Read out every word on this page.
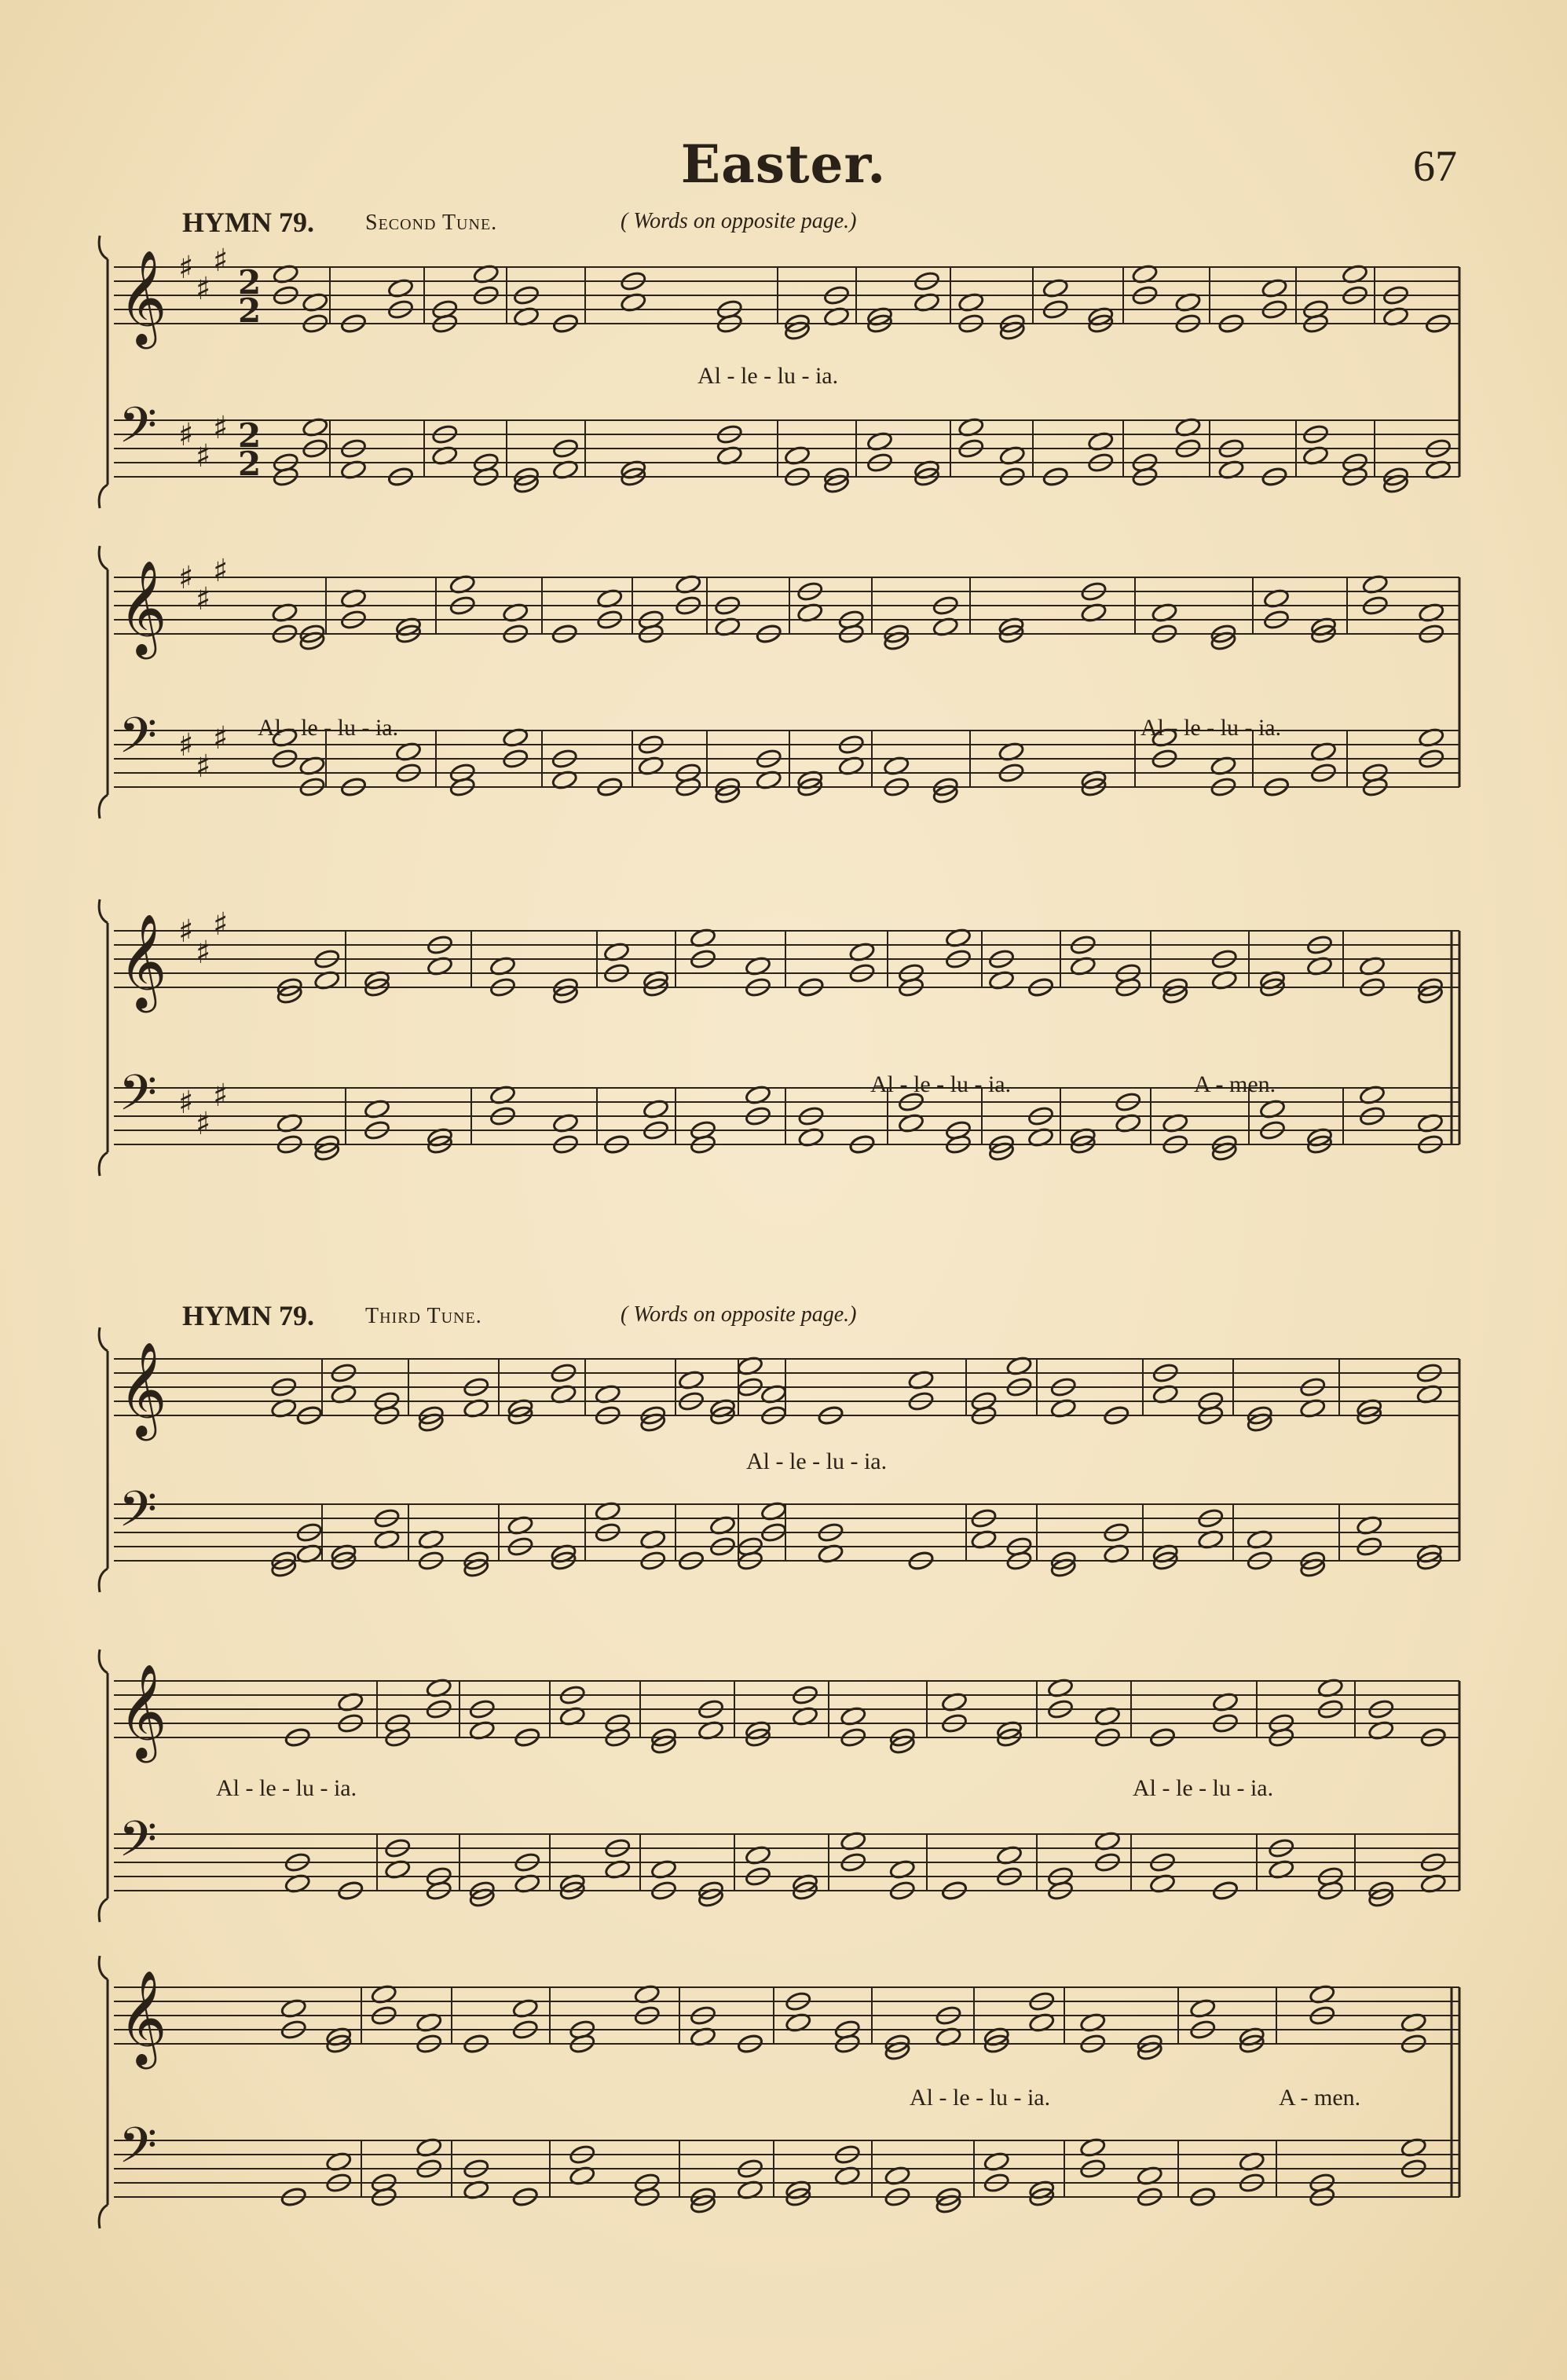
Easter.	67
HYMN 79. Second Tune.	( Words on opposite page.)
HYMN 79. Third Tune.	( Words on opposite page.)
𝄞 ♯
♯
♯
2
2
𝄢 ♯
♯
♯ 2
2
𝄞 ♯
♯
♯
𝄢 ♯
♯
♯
𝄞 ♯
♯
♯
𝄢 ♯
♯
♯
𝄞
𝄢
𝄞
𝄢
𝄞
𝄢
Al - le - lu - ia.
Al - le - lu - ia.	Al - le - lu - ia.
Al - le - lu - ia.	A - men.
Al - le - lu - ia.
Al - le - lu - ia.	Al - le - lu - ia.
Al - le - lu - ia.	A - men.
